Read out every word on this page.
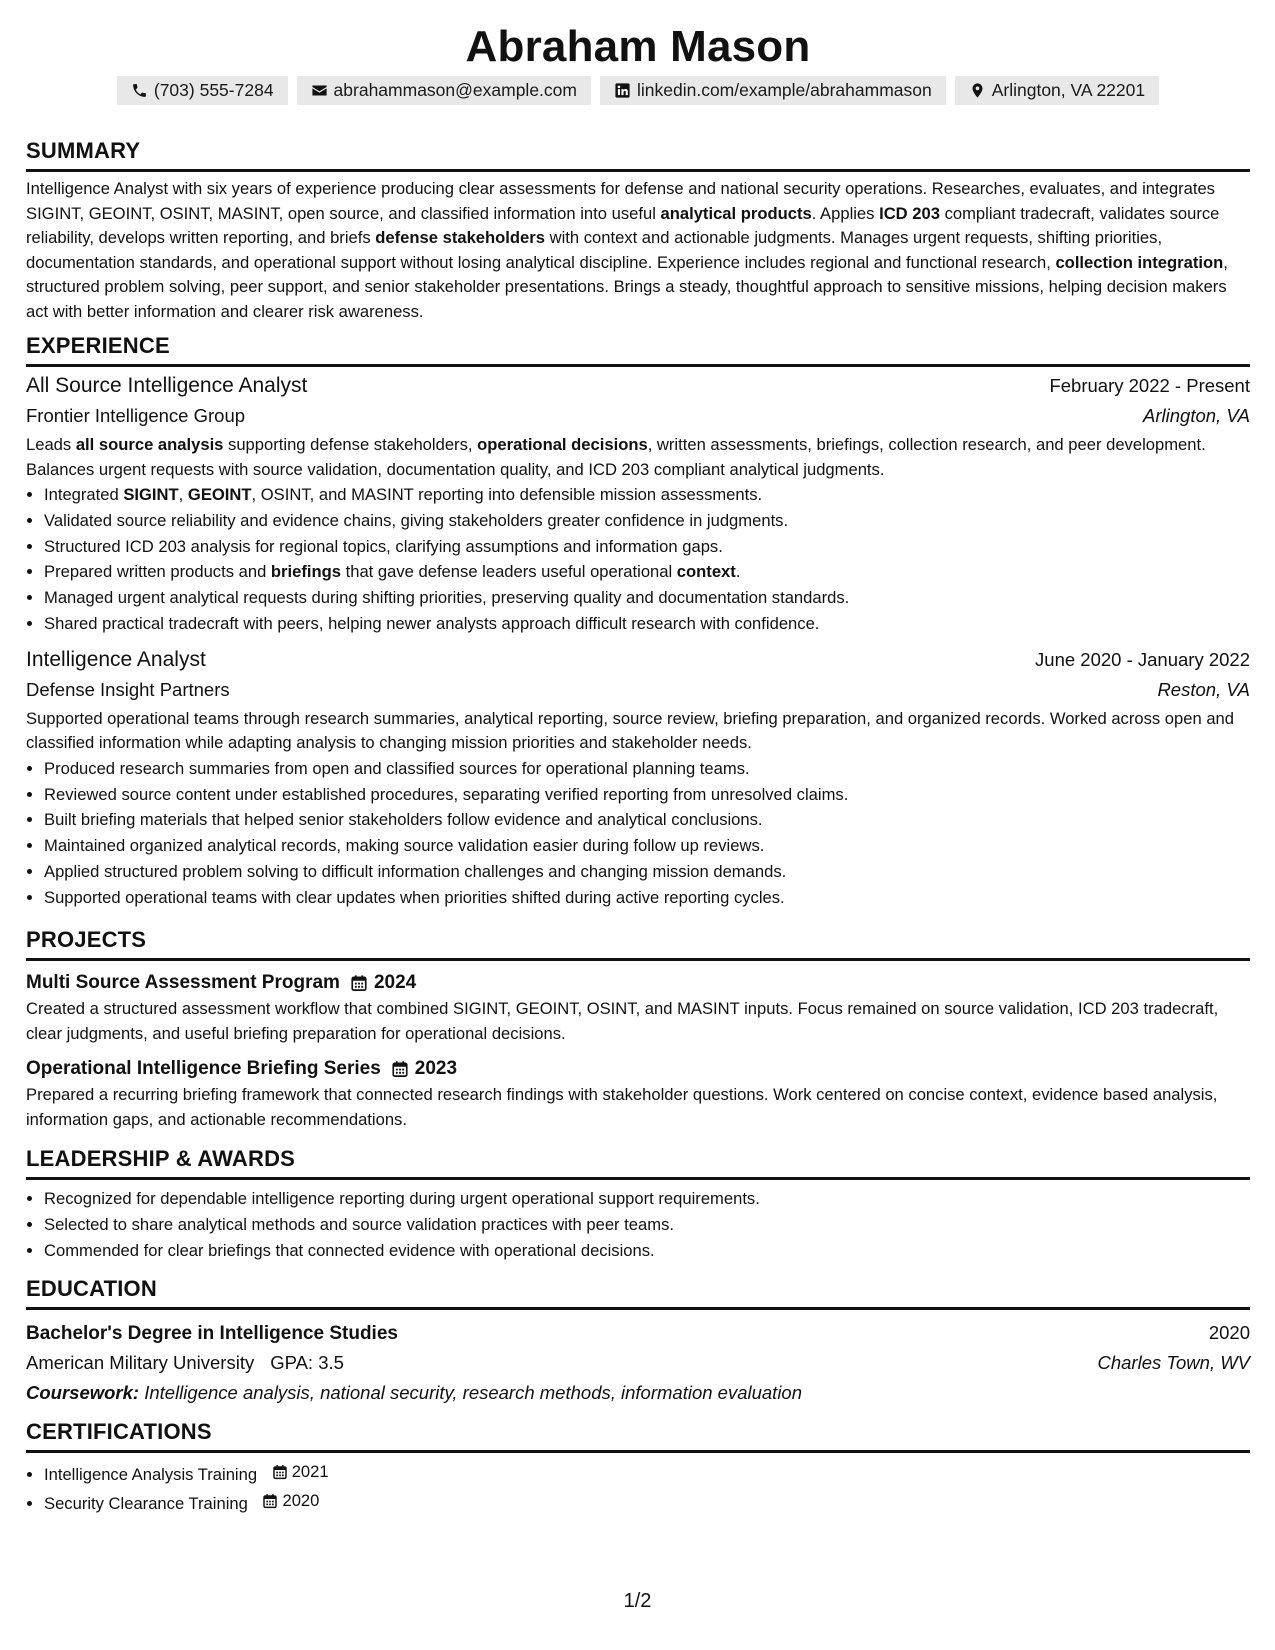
Abraham Mason
(703) 555-7284	abrahammason@example.com	linkedin.com/example/abrahammason	Arlington, VA 22201
SUMMARY

Intelligence Analyst with six years of experience producing clear assessments for defense and national security operations. Researches, evaluates, and integrates SIGINT, GEOINT, OSINT, MASINT, open source, and classified information into useful analytical products. Applies ICD 203 compliant tradecraft, validates source reliability, develops written reporting, and briefs defense stakeholders with context and actionable judgments. Manages urgent requests, shifting priorities, documentation standards, and operational support without losing analytical discipline. Experience includes regional and functional research, collection integration, structured problem solving, peer support, and senior stakeholder presentations. Brings a steady, thoughtful approach to sensitive missions, helping decision makers act with better information and clearer risk awareness.

EXPERIENCE
All Source Intelligence Analyst	February 2022 - Present
Frontier Intelligence Group	Arlington, VA

Leads all source analysis supporting defense stakeholders, operational decisions, written assessments, briefings, collection research, and peer development. Balances urgent requests with source validation, documentation quality, and ICD 203 compliant analytical judgments.

• Integrated SIGINT, GEOINT, OSINT, and MASINT reporting into defensible mission assessments.
• Validated source reliability and evidence chains, giving stakeholders greater confidence in judgments.
• Structured ICD 203 analysis for regional topics, clarifying assumptions and information gaps.
• Prepared written products and briefings that gave defense leaders useful operational context.
• Managed urgent analytical requests during shifting priorities, preserving quality and documentation standards.
• Shared practical tradecraft with peers, helping newer analysts approach difficult research with confidence.
Intelligence Analyst	June 2020 - January 2022
Defense Insight Partners	Reston, VA

Supported operational teams through research summaries, analytical reporting, source review, briefing preparation, and organized records. Worked across open and classified information while adapting analysis to changing mission priorities and stakeholder needs.

• Produced research summaries from open and classified sources for operational planning teams.
• Reviewed source content under established procedures, separating verified reporting from unresolved claims.
• Built briefing materials that helped senior stakeholders follow evidence and analytical conclusions.
• Maintained organized analytical records, making source validation easier during follow up reviews.
• Applied structured problem solving to difficult information challenges and changing mission demands.
• Supported operational teams with clear updates when priorities shifted during active reporting cycles.
PROJECTS
Multi Source Assessment Program 2024

Created a structured assessment workflow that combined SIGINT, GEOINT, OSINT, and MASINT inputs. Focus remained on source validation, ICD 203 tradecraft, clear judgments, and useful briefing preparation for operational decisions.

Operational Intelligence Briefing Series 2023

Prepared a recurring briefing framework that connected research findings with stakeholder questions. Work centered on concise context, evidence based analysis, information gaps, and actionable recommendations.

LEADERSHIP & AWARDS
• Recognized for dependable intelligence reporting during urgent operational support requirements.
• Selected to share analytical methods and source validation practices with peer teams.
• Commended for clear briefings that connected evidence with operational decisions.
EDUCATION
Bachelor's Degree in Intelligence Studies	2020
American Military University GPA: 3.5	Charles Town, WV
Coursework: Intelligence analysis, national security, research methods, information evaluation
CERTIFICATIONS
• Intelligence Analysis Training 2021
• Security Clearance Training 2020
1/2
